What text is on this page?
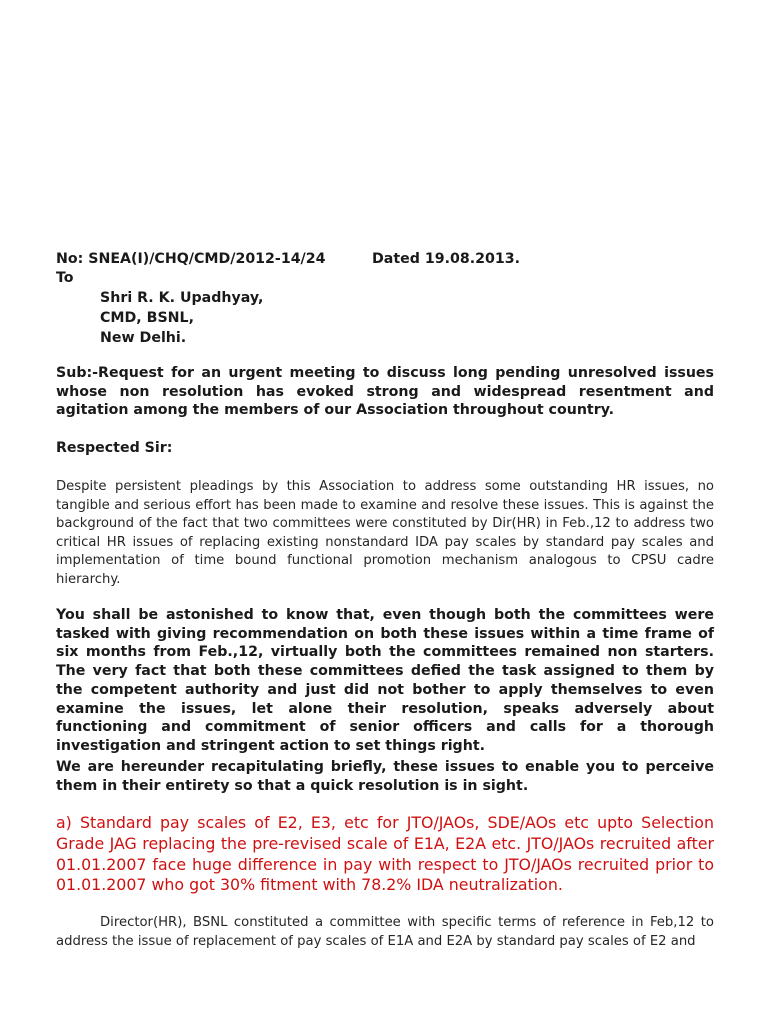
No: SNEA(I)/CHQ/CMD/2012-14/24	Dated 19.08.2013.
To
Shri R. K. Upadhyay,
CMD, BSNL,
New Delhi.

Sub:-Request for an urgent meeting to discuss long pending unresolved issues whose non resolution has evoked strong and widespread resentment and agitation among the members of our Association throughout country.

Respected Sir:

Despite persistent pleadings by this Association to address some outstanding HR issues, no tangible and serious effort has been made to examine and resolve these issues. This is against the background of the fact that two committees were constituted by Dir(HR) in Feb.,12 to address two critical HR issues of replacing existing nonstandard IDA pay scales by standard pay scales and implementation of time bound functional promotion mechanism analogous to CPSU cadre hierarchy.

You shall be astonished to know that, even though both the committees were tasked with giving recommendation on both these issues within a time frame of six months from Feb.,12, virtually both the committees remained non starters. The very fact that both these committees defied the task assigned to them by the competent authority and just did not bother to apply themselves to even examine the issues, let alone their resolution, speaks adversely about functioning and commitment of senior officers and calls for a thorough investigation and stringent action to set things right.

We are hereunder recapitulating briefly, these issues to enable you to perceive them in their entirety so that a quick resolution is in sight.

a) Standard pay scales of E2, E3, etc for JTO/JAOs, SDE/AOs etc upto Selection Grade JAG replacing the pre-revised scale of E1A, E2A etc. JTO/JAOs recruited after 01.01.2007 face huge difference in pay with respect to JTO/JAOs recruited prior to 01.01.2007 who got 30% fitment with 78.2% IDA neutralization.

Director(HR), BSNL constituted a committee with specific terms of reference in Feb,12 to address the issue of replacement of pay scales of E1A and E2A by standard pay scales of E2 and
